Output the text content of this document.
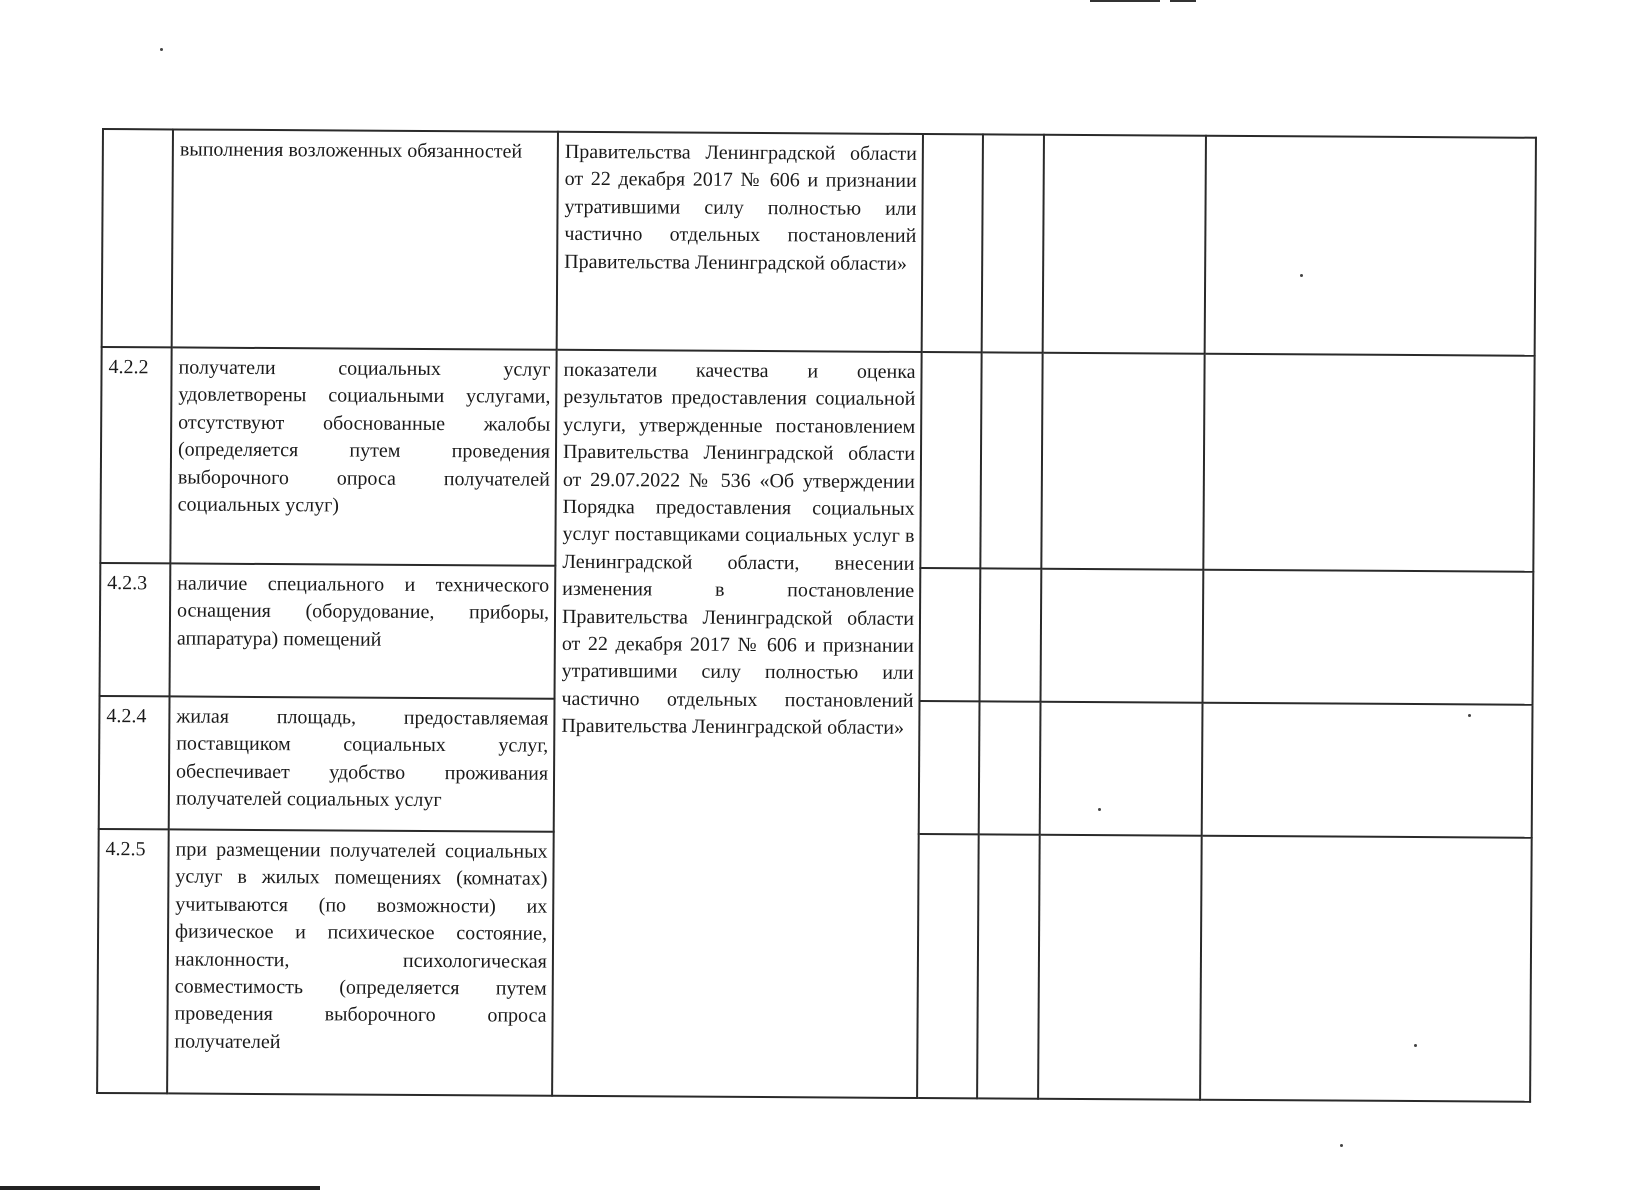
	выполнения возложенных обязанностей	Правительства Ленинградской области от 22 декабря 2017 № 606 и признании утратившими силу полностью или частично отдельных постановлений Правительства Ленинградской области»				
4.2.2	получатели социальных услуг удовлетворены социальными услугами, отсутствуют обоснованные жалобы (определяется путем проведения выборочного опроса получателей социальных услуг)	показатели качества и оценка результатов предоставления социальной услуги, утвержденные постановлением Правительства Ленинградской области от 29.07.2022 № 536 «Об утверждении Порядка предоставления социальных услуг поставщиками социальных услуг в Ленинградской области, внесении изменения в постановление Правительства Ленинградской области от 22 декабря 2017 № 606 и признании утратившими силу полностью или частично отдельных постановлений Правительства Ленинградской области»				
4.2.3	наличие специального и технического оснащения (оборудование, приборы, аппаратура) помещений					
4.2.4	жилая площадь, предоставляемая поставщиком социальных услуг, обеспечивает удобство проживания получателей социальных услуг					
4.2.5	при размещении получателей социальных услуг в жилых помещениях (комнатах) учитываются (по возможности) их физическое и психическое состояние, наклонности, психологическая совместимость (определяется путем проведения выборочного опроса получателей					
